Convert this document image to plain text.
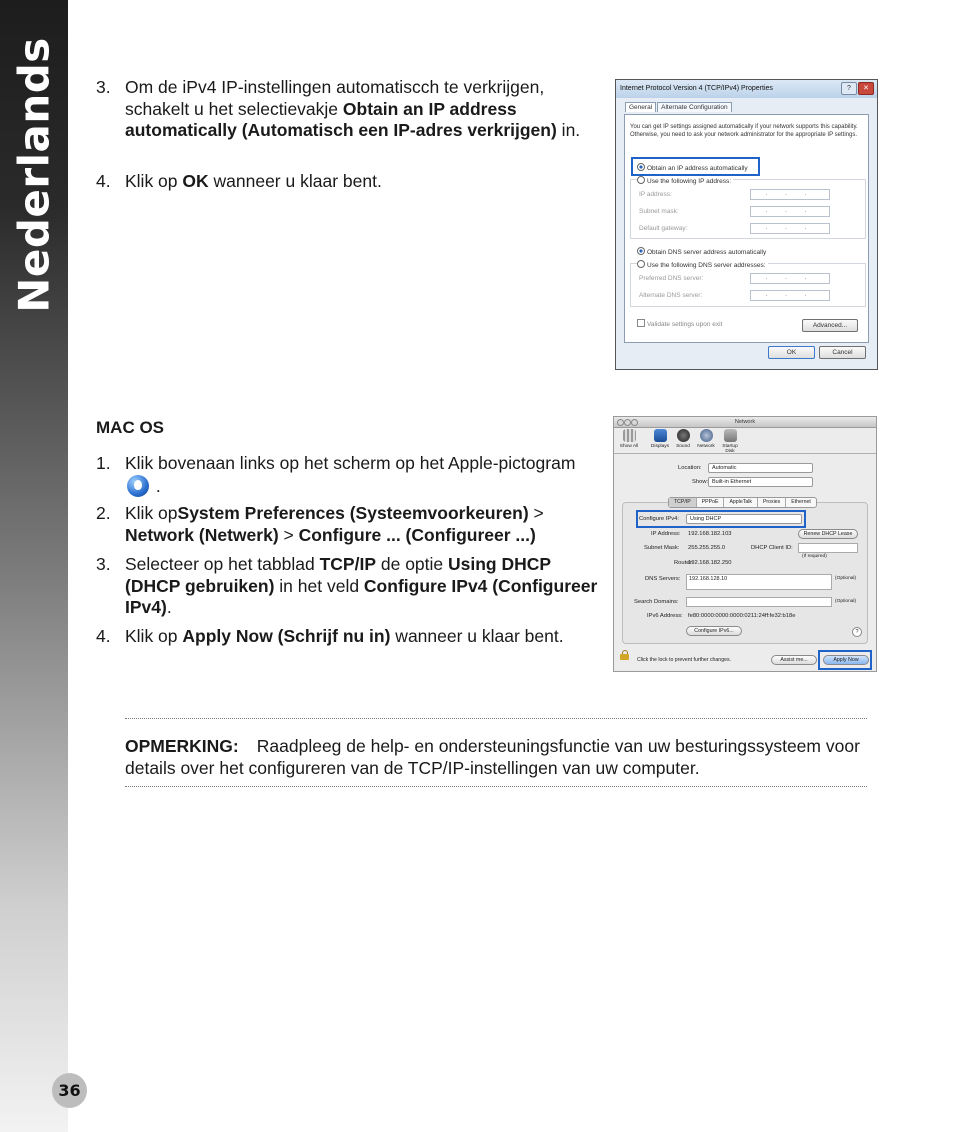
Nederlands
36
3. Om de iPv4 IP-instellingen automatiscch te verkrijgen, schakelt u het selectievakje Obtain an IP address automatically (Automatisch een IP-adres verkrijgen) in.
4. Klik op OK wanneer u klaar bent.
Internet Protocol Version 4 (TCP/IPv4) Properties	?	✕
General Alternate Configuration
You can get IP settings assigned automatically if your network supports this capability. Otherwise, you need to ask your network administrator for the appropriate IP settings.
Obtain an IP address automatically
Use the following IP address:
IP address:	. . .
Subnet mask:	. . .
Default gateway:	. . .
Obtain DNS server address automatically
Use the following DNS server addresses:
Preferred DNS server:	. . .
Alternate DNS server:	. . .
Validate settings upon exit	Advanced...
OK	Cancel
MAC OS
1. Klik bovenaan links op het scherm op het Apple-pictogram  .
2. Klik opSystem Preferences (Systeemvoorkeuren) > Network (Netwerk) > Configure ... (Configureer ...)
3. Selecteer op het tabblad TCP/IP de optie Using DHCP (DHCP gebruiken) in het veld Configure IPv4 (Configureer IPv4).
4. Klik op Apply Now (Schrijf nu in) wanneer u klaar bent.
Network
Show All	Displays	Sound	Network	Startup Disk
Location:	Automatic
Show: Built-in Ethernet
TCP/IP	PPPoE	AppleTalk	Proxies	Ethernet
Configure IPv4:	Using DHCP
IP Address: 192.168.182.103	Renew DHCP Lease
Subnet Mask: 255.255.255.0	DHCP Client ID:
(If required)
Router:
192.168.182.250
DNS Servers:	192.168.128.10	(Optional)
Search Domains:	(Optional)
IPv6 Address: fe80:0000:0000:0000:0211:24ff:fe32:b18e
Configure IPv6...	?
Click the lock to prevent further changes.	Assist me...	Apply Now
OPMERKING: Raadpleeg de help- en ondersteuningsfunctie van uw besturingssysteem voor details over het configureren van de TCP/IP-instellingen van uw computer.
